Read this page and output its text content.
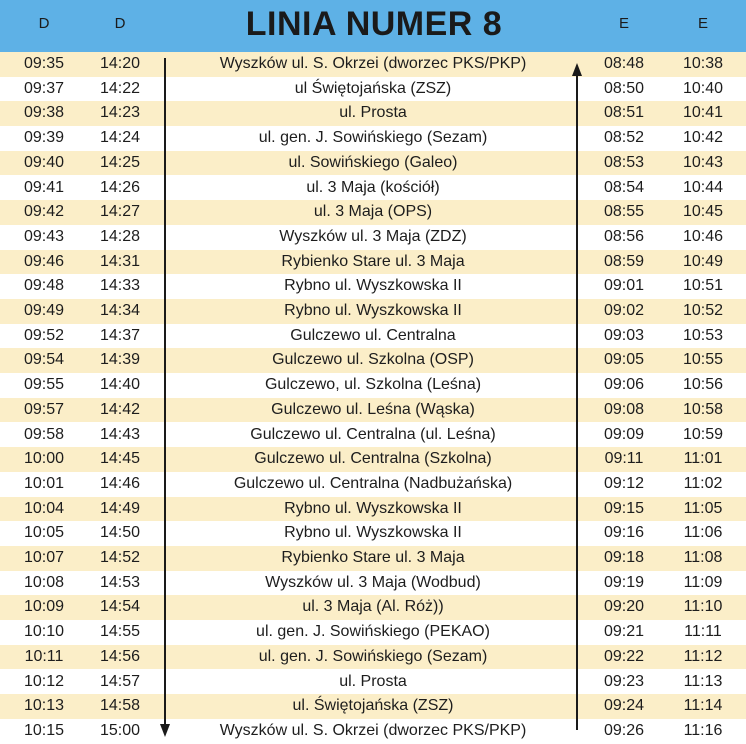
D	D	LINIA NUMER 8	E	E
09:35	14:20	Wyszków ul. S. Okrzei (dworzec PKS/PKP)	08:48	10:38
09:37	14:22	ul Świętojańska (ZSZ)	08:50	10:40
09:38	14:23	ul. Prosta	08:51	10:41
09:39	14:24	ul. gen. J. Sowińskiego (Sezam)	08:52	10:42
09:40	14:25	ul. Sowińskiego (Galeo)	08:53	10:43
09:41	14:26	ul. 3 Maja (kościół)	08:54	10:44
09:42	14:27	ul. 3 Maja (OPS)	08:55	10:45
09:43	14:28	Wyszków ul. 3 Maja (ZDZ)	08:56	10:46
09:46	14:31	Rybienko Stare ul. 3 Maja	08:59	10:49
09:48	14:33	Rybno ul. Wyszkowska II	09:01	10:51
09:49	14:34	Rybno ul. Wyszkowska II	09:02	10:52
09:52	14:37	Gulczewo ul. Centralna	09:03	10:53
09:54	14:39	Gulczewo ul. Szkolna (OSP)	09:05	10:55
09:55	14:40	Gulczewo, ul. Szkolna (Leśna)	09:06	10:56
09:57	14:42	Gulczewo ul. Leśna (Wąska)	09:08	10:58
09:58	14:43	Gulczewo ul. Centralna (ul. Leśna)	09:09	10:59
10:00	14:45	Gulczewo ul. Centralna (Szkolna)	09:11	11:01
10:01	14:46	Gulczewo ul. Centralna (Nadbużańska)	09:12	11:02
10:04	14:49	Rybno ul. Wyszkowska II	09:15	11:05
10:05	14:50	Rybno ul. Wyszkowska II	09:16	11:06
10:07	14:52	Rybienko Stare ul. 3 Maja	09:18	11:08
10:08	14:53	Wyszków ul. 3 Maja (Wodbud)	09:19	11:09
10:09	14:54	ul. 3 Maja (Al. Róż))	09:20	11:10
10:10	14:55	ul. gen. J. Sowińskiego (PEKAO)	09:21	11:11
10:11	14:56	ul. gen. J. Sowińskiego (Sezam)	09:22	11:12
10:12	14:57	ul. Prosta	09:23	11:13
10:13	14:58	ul. Świętojańska (ZSZ)	09:24	11:14
10:15	15:00	Wyszków ul. S. Okrzei (dworzec PKS/PKP)	09:26	11:16
